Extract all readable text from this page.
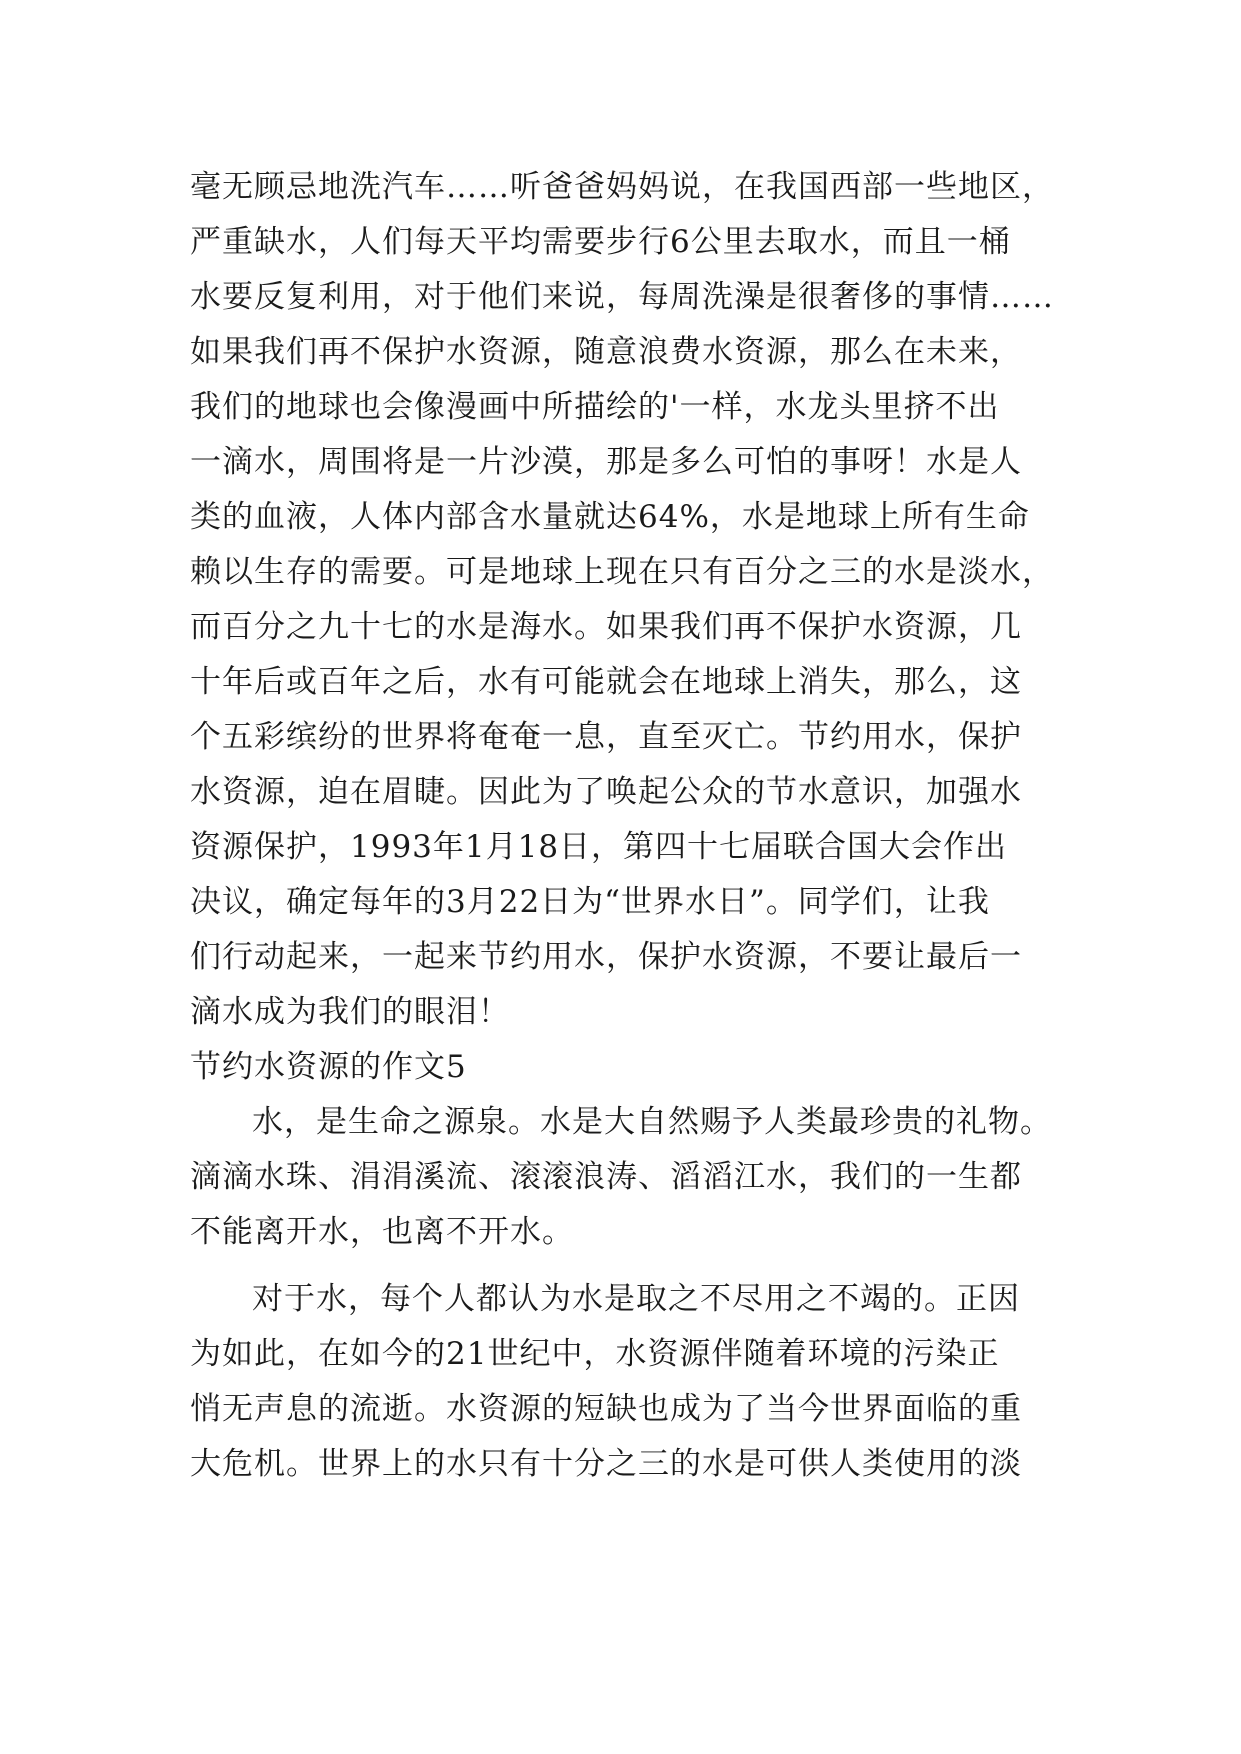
毫无顾忌地洗汽车……听爸爸妈妈说，在我国西部一些地区，
严重缺水，人们每天平均需要步行6公里去取水，而且一桶
水要反复利用，对于他们来说，每周洗澡是很奢侈的事情……
如果我们再不保护水资源，随意浪费水资源，那么在未来，
我们的地球也会像漫画中所描绘的'一样，水龙头里挤不出
一滴水，周围将是一片沙漠，那是多么可怕的事呀！水是人
类的血液，人体内部含水量就达64%，水是地球上所有生命
赖以生存的需要。可是地球上现在只有百分之三的水是淡水，
而百分之九十七的水是海水。如果我们再不保护水资源，几
十年后或百年之后，水有可能就会在地球上消失，那么，这
个五彩缤纷的世界将奄奄一息，直至灭亡。节约用水，保护
水资源，迫在眉睫。因此为了唤起公众的节水意识，加强水
资源保护，1993年1月18日，第四十七届联合国大会作出
决议，确定每年的3月22日为“世界水日”。同学们，让我
们行动起来，一起来节约用水，保护水资源，不要让最后一
滴水成为我们的眼泪！
节约水资源的作文5
水，是生命之源泉。水是大自然赐予人类最珍贵的礼物。
滴滴水珠、涓涓溪流、滚滚浪涛、滔滔江水，我们的一生都
不能离开水，也离不开水。
对于水，每个人都认为水是取之不尽用之不竭的。正因
为如此，在如今的21世纪中，水资源伴随着环境的污染正
悄无声息的流逝。水资源的短缺也成为了当今世界面临的重
大危机。世界上的水只有十分之三的水是可供人类使用的淡
